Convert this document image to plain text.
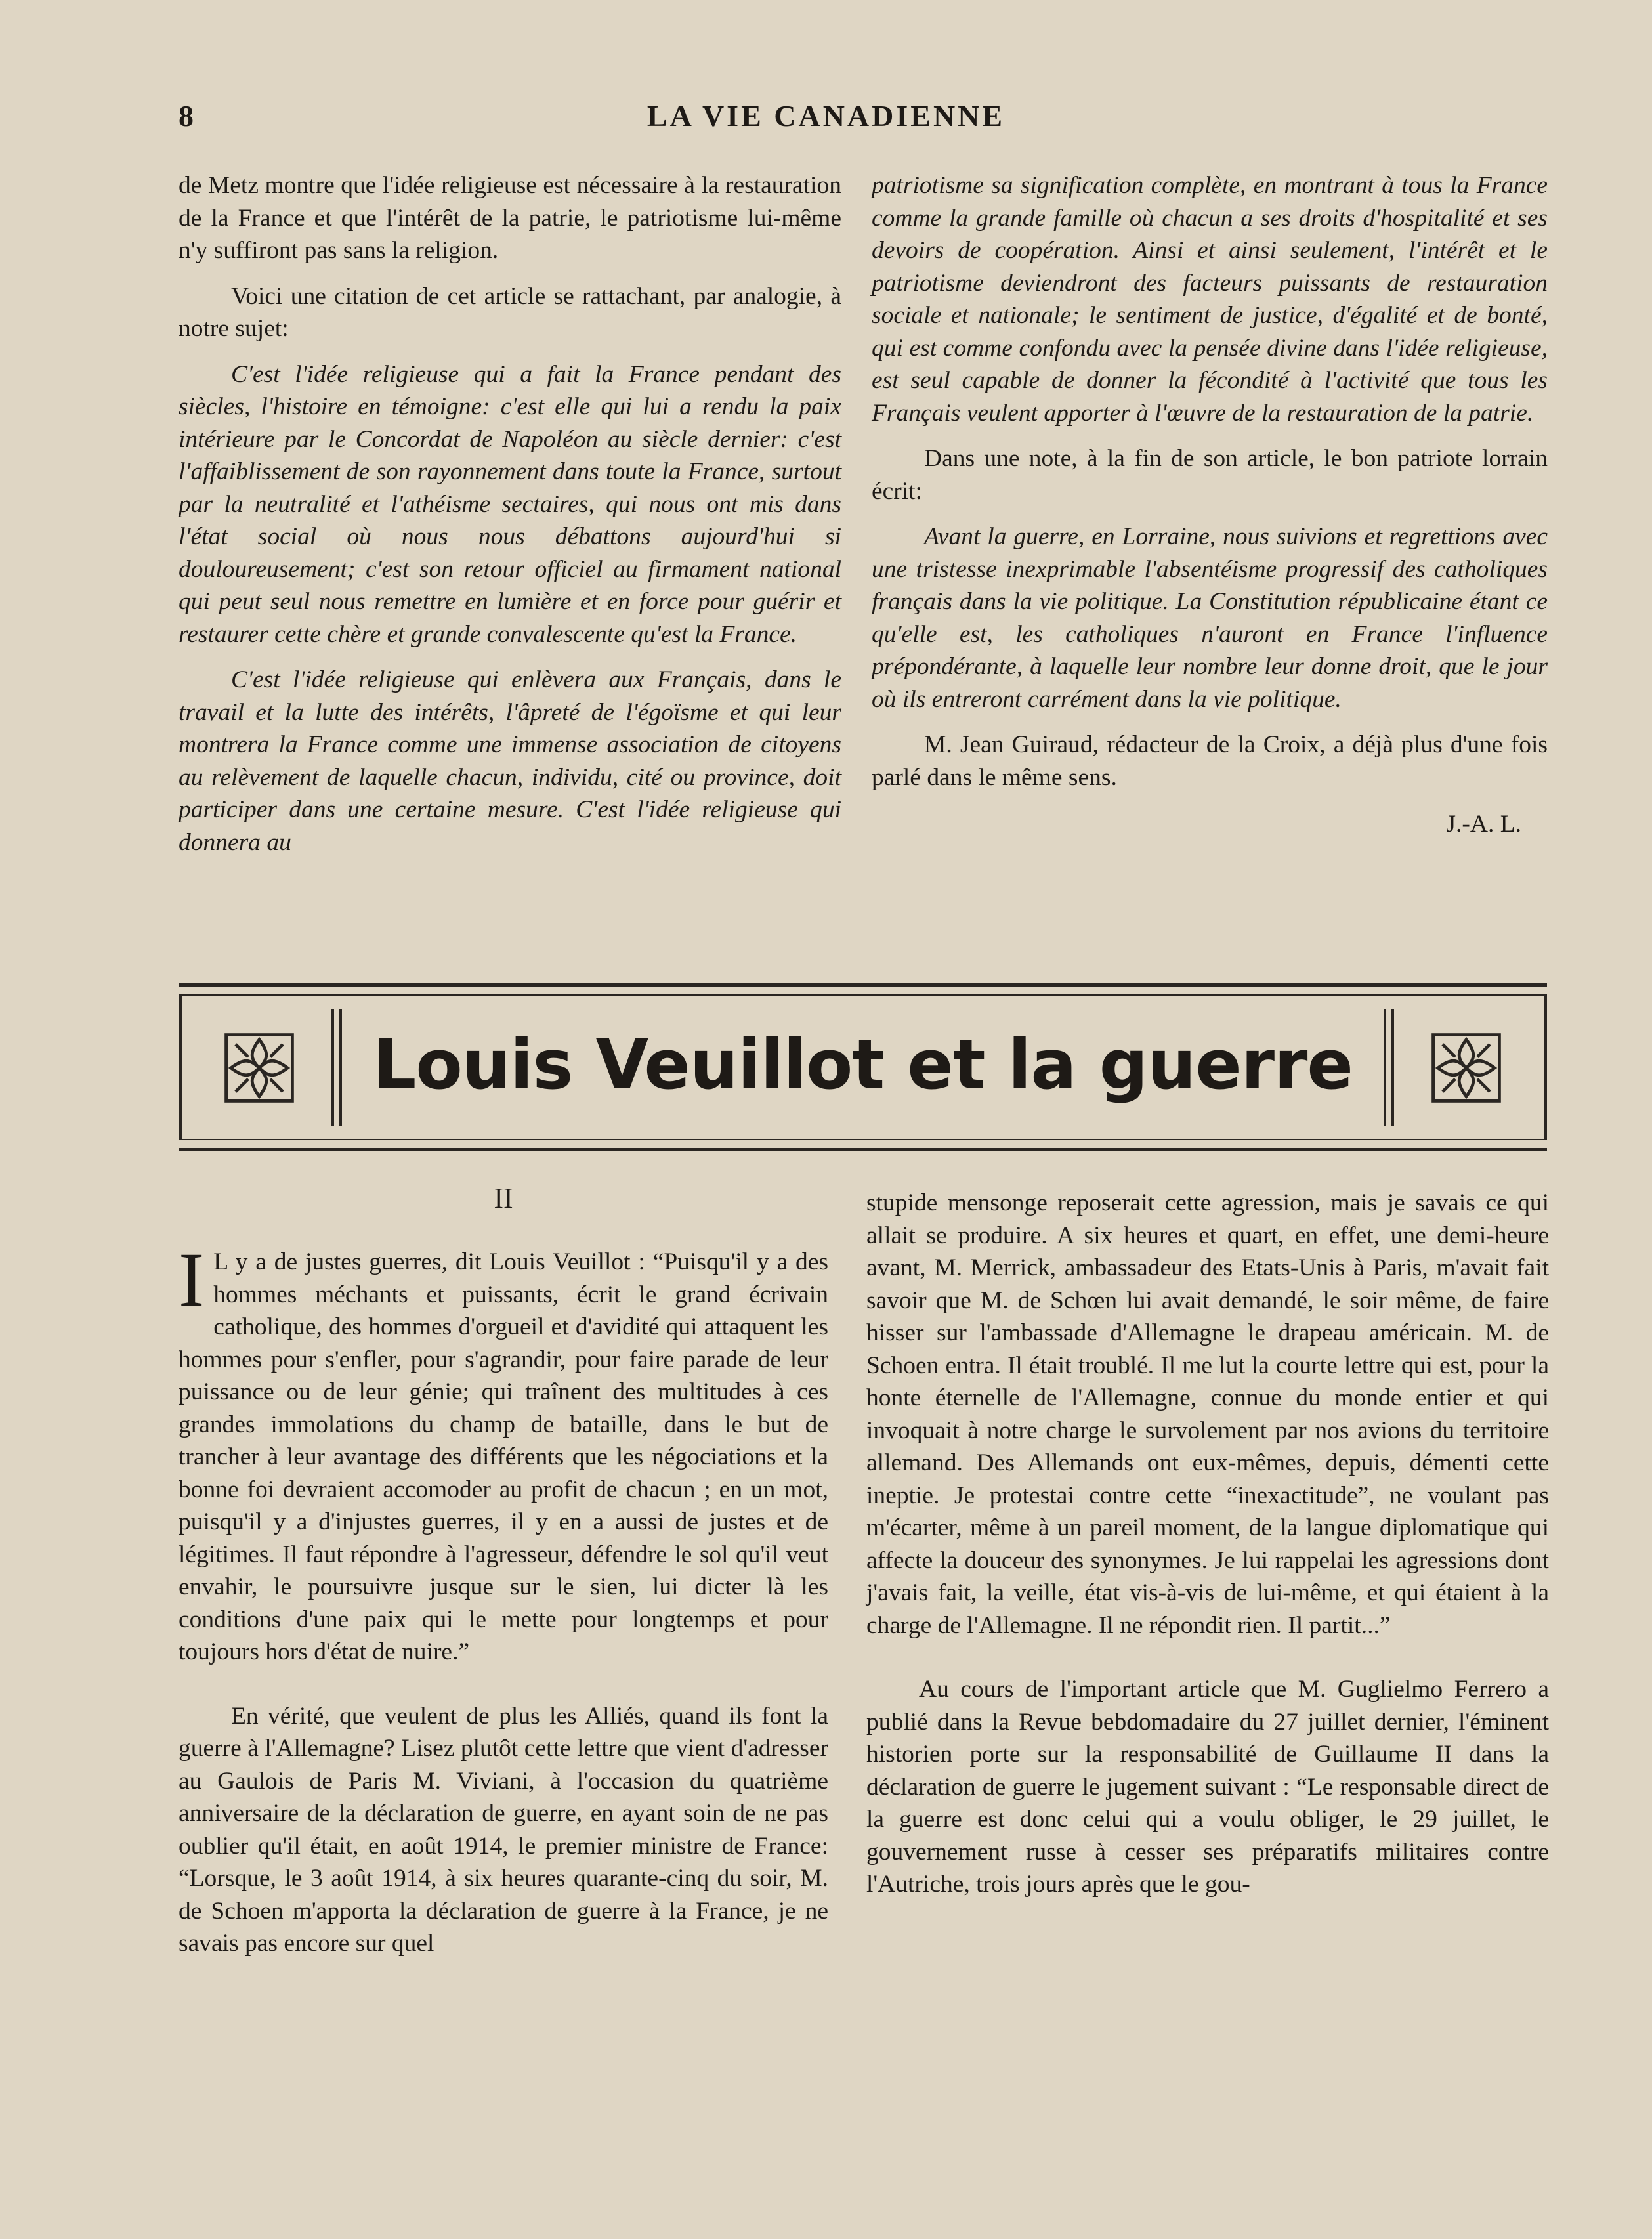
8	LA VIE CANADIENNE

de Metz montre que l'idée religieuse est nécessaire à la restauration de la France et que l'intérêt de la patrie, le patriotisme lui-même n'y suffiront pas sans la religion.

Voici une citation de cet article se rattachant, par analogie, à notre sujet:

C'est l'idée religieuse qui a fait la France pendant des siècles, l'histoire en témoigne: c'est elle qui lui a rendu la paix intérieure par le Concordat de Napoléon au siècle dernier: c'est l'affaiblissement de son rayonnement dans toute la France, surtout par la neutralité et l'athéisme sectaires, qui nous ont mis dans l'état social où nous nous débattons aujourd'hui si douloureusement; c'est son retour officiel au firmament national qui peut seul nous remettre en lumière et en force pour guérir et restaurer cette chère et grande convalescente qu'est la France.

C'est l'idée religieuse qui enlèvera aux Français, dans le travail et la lutte des intérêts, l'âpreté de l'égoïsme et qui leur montrera la France comme une immense association de citoyens au relèvement de laquelle chacun, individu, cité ou province, doit participer dans une certaine mesure. C'est l'idée religieuse qui donnera au

patriotisme sa signification complète, en montrant à tous la France comme la grande famille où chacun a ses droits d'hospitalité et ses devoirs de coopération. Ainsi et ainsi seulement, l'intérêt et le patriotisme deviendront des facteurs puissants de restauration sociale et nationale; le sentiment de justice, d'égalité et de bonté, qui est comme confondu avec la pensée divine dans l'idée religieuse, est seul capable de donner la fécondité à l'activité que tous les Français veulent apporter à l'œuvre de la restauration de la patrie.

Dans une note, à la fin de son article, le bon patriote lorrain écrit:

Avant la guerre, en Lorraine, nous suivions et regrettions avec une tristesse inexprimable l'absentéisme progressif des catholiques français dans la vie politique. La Constitution républicaine étant ce qu'elle est, les catholiques n'auront en France l'influence prépondérante, à laquelle leur nombre leur donne droit, que le jour où ils entreront carrément dans la vie politique.

M. Jean Guiraud, rédacteur de la Croix, a déjà plus d'une fois parlé dans le même sens.

J.-A. L.

Louis Veuillot et la guerre
II

I L y a de justes guerres, dit Louis Veuillot : “Puisqu'il y a des hommes méchants et puissants, écrit le grand écrivain catholique, des hommes d'orgueil et d'avidité qui attaquent les hommes pour s'enfler, pour s'agrandir, pour faire parade de leur puissance ou de leur génie; qui traînent des multitudes à ces grandes immolations du champ de bataille, dans le but de trancher à leur avantage des différents que les négociations et la bonne foi devraient accomoder au profit de chacun ; en un mot, puisqu'il y a d'injustes guerres, il y en a aussi de justes et de légitimes. Il faut répondre à l'agresseur, défendre le sol qu'il veut envahir, le poursuivre jusque sur le sien, lui dicter là les conditions d'une paix qui le mette pour longtemps et pour toujours hors d'état de nuire.”

En vérité, que veulent de plus les Alliés, quand ils font la guerre à l'Allemagne? Lisez plutôt cette lettre que vient d'adresser au Gaulois de Paris M. Viviani, à l'occasion du quatrième anniversaire de la déclaration de guerre, en ayant soin de ne pas oublier qu'il était, en août 1914, le premier ministre de France: “Lorsque, le 3 août 1914, à six heures quarante-cinq du soir, M. de Schoen m'apporta la déclaration de guerre à la France, je ne savais pas encore sur quel

stupide mensonge reposerait cette agression, mais je savais ce qui allait se produire. A six heures et quart, en effet, une demi-heure avant, M. Merrick, ambassadeur des Etats-Unis à Paris, m'avait fait savoir que M. de Schœn lui avait demandé, le soir même, de faire hisser sur l'ambassade d'Allemagne le drapeau américain. M. de Schoen entra. Il était troublé. Il me lut la courte lettre qui est, pour la honte éternelle de l'Allemagne, connue du monde entier et qui invoquait à notre charge le survolement par nos avions du territoire allemand. Des Allemands ont eux-mêmes, depuis, démenti cette ineptie. Je protestai contre cette “inexactitude”, ne voulant pas m'écarter, même à un pareil moment, de la langue diplomatique qui affecte la douceur des synonymes. Je lui rappelai les agressions dont j'avais fait, la veille, état vis-à-vis de lui-même, et qui étaient à la charge de l'Allemagne. Il ne répondit rien. Il partit...”

Au cours de l'important article que M. Guglielmo Ferrero a publié dans la Revue bebdomadaire du 27 juillet dernier, l'éminent historien porte sur la responsabilité de Guillaume II dans la déclaration de guerre le jugement suivant : “Le responsable direct de la guerre est donc celui qui a voulu obliger, le 29 juillet, le gouvernement russe à cesser ses préparatifs militaires contre l'Autriche, trois jours après que le gou-
